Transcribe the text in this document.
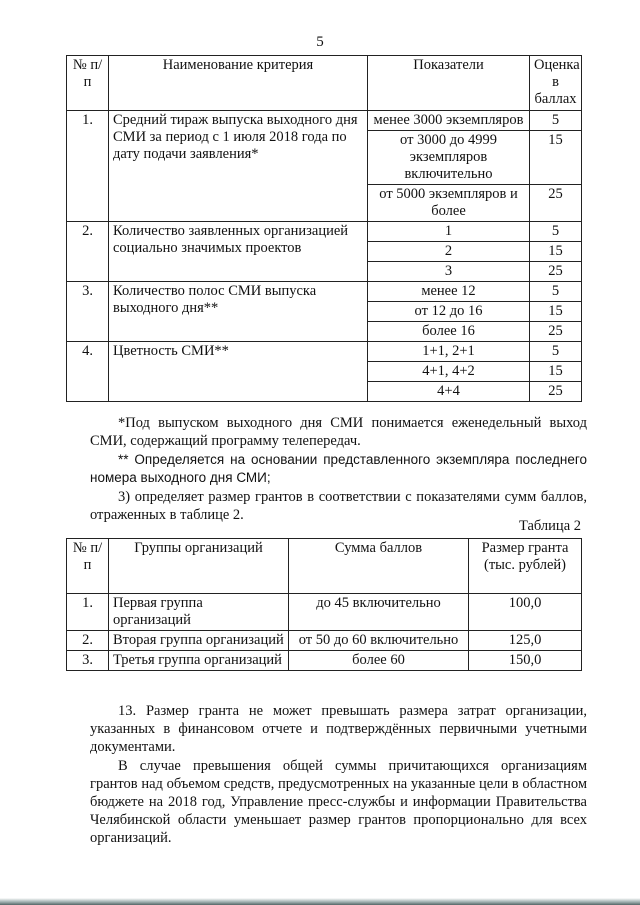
5
№ п/п	Наименование критерия	Показатели	Оценка в баллах
1.	Средний тираж выпуска выходного дня СМИ за период с 1 июля 2018 года по дату подачи заявления*	менее 3000 экземпляров	5
		от 3000 до 4999 экземпляров включительно	15
		от 5000 экземпляров и более	25
2.	Количество заявленных организацией социально значимых проектов	1	5
		2	15
		3	25
3.	Количество полос СМИ выпуска выходного дня**	менее 12	5
		от 12 до 16	15
		более 16	25
4.	Цветность СМИ**	1+1, 2+1	5
		4+1, 4+2	15
		4+4	25
*Под выпуском выходного дня СМИ понимается еженедельный выход СМИ, содержащий программу телепередач.
** Определяется на основании представленного экземпляра последнего номера выходного дня СМИ;
3) определяет размер грантов в соответствии с показателями сумм баллов, отраженных в таблице 2.
Таблица 2
№ п/п	Группы организаций	Сумма баллов	Размер гранта (тыс. рублей)
1.	Первая группа организаций	до 45 включительно	100,0
2.	Вторая группа организаций	от 50 до 60 включительно	125,0
3.	Третья группа организаций	более 60	150,0
13. Размер гранта не может превышать размера затрат организации, указанных в финансовом отчете и подтверждённых первичными учетными документами.
В случае превышения общей суммы причитающихся организациям грантов над объемом средств, предусмотренных на указанные цели в областном бюджете на 2018 год, Управление пресс-службы и информации Правительства Челябинской области уменьшает размер грантов пропорционально для всех организаций.
